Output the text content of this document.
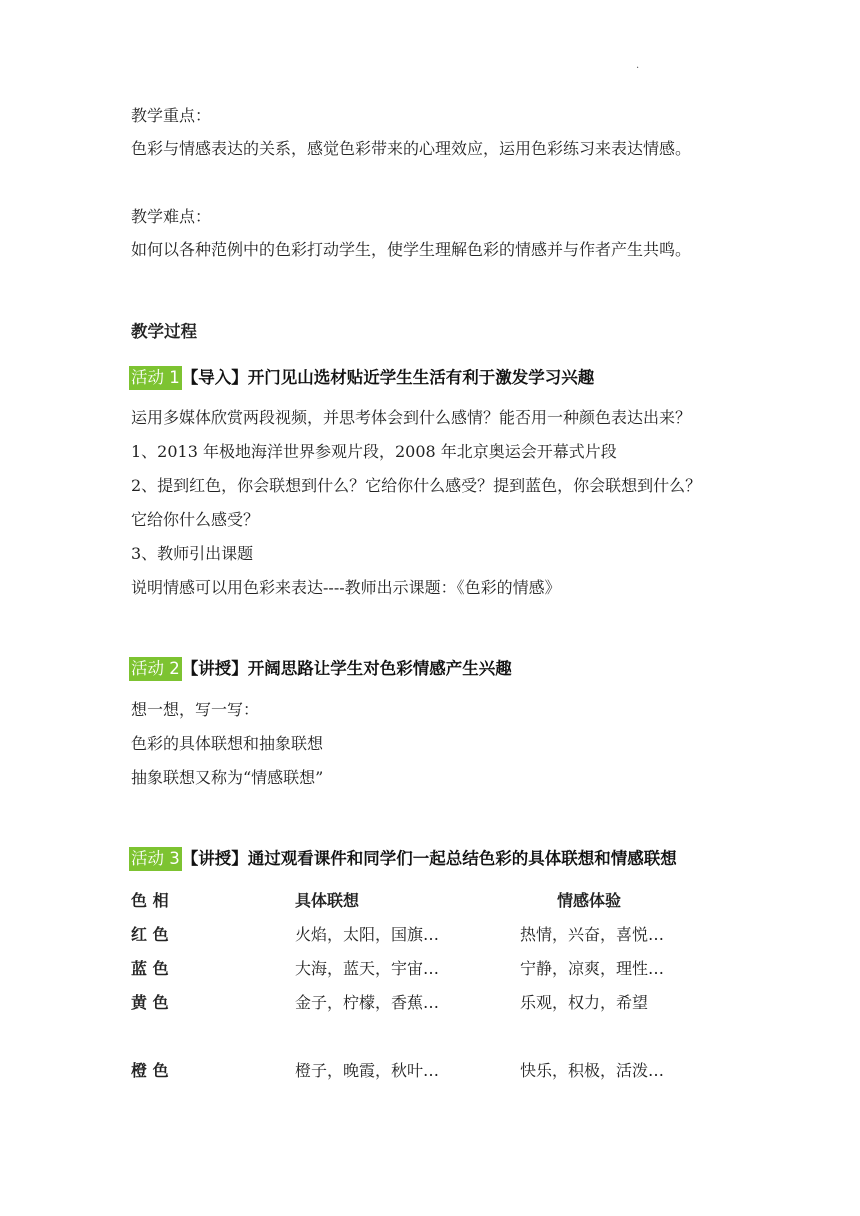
.
教学重点：
色彩与情感表达的关系，感觉色彩带来的心理效应，运用色彩练习来表达情感。
教学难点：
如何以各种范例中的色彩打动学生，使学生理解色彩的情感并与作者产生共鸣。
教学过程
活动 1 【导入】开门见山选材贴近学生生活有利于激发学习兴趣
运用多媒体欣赏两段视频，并思考体会到什么感情？能否用一种颜色表达出来？
1、2013 年极地海洋世界参观片段，2008 年北京奥运会开幕式片段
2、提到红色，你会联想到什么？它给你什么感受？提到蓝色，你会联想到什么？
它给你什么感受？
3、教师引出课题
说明情感可以用色彩来表达----教师出示课题：《色彩的情感》
活动 2 【讲授】开阔思路让学生对色彩情感产生兴趣
想一想，写一写：
色彩的具体联想和抽象联想
抽象联想又称为“情感联想”
活动 3 【讲授】通过观看课件和同学们一起总结色彩的具体联想和情感联想
色 相	具体联想	情感体验
红 色	火焰，太阳，国旗…	热情，兴奋，喜悦…
蓝 色	大海，蓝天，宇宙…	宁静，凉爽，理性…
黄 色	金子，柠檬，香蕉…	乐观，权力，希望
橙 色	橙子，晚霞，秋叶…	快乐，积极，活泼…
